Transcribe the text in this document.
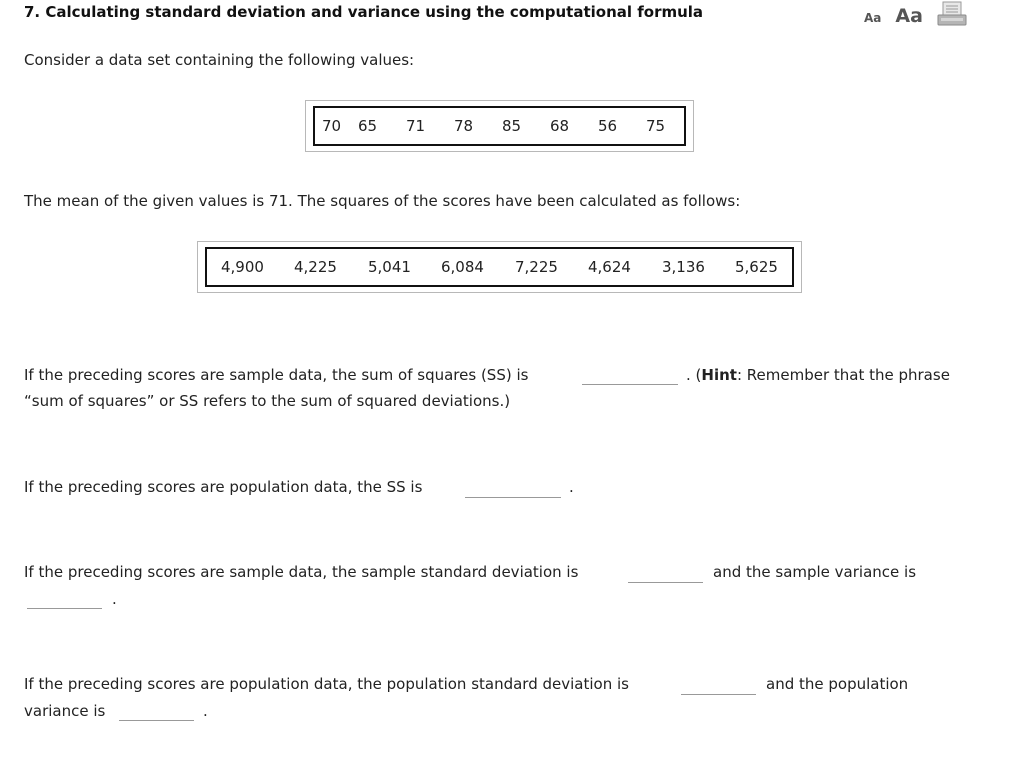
7. Calculating standard deviation and variance using the computational formula	Aa Aa
Consider a data set containing the following values:
70	65	71	78	85	68	56	75
The mean of the given values is 71. The squares of the scores have been calculated as follows:
4,900	4,225	5,041	6,084	7,225	4,624	3,136	5,625
If the preceding scores are sample data, the sum of squares (SS) is	. (Hint: Remember that the phrase
“sum of squares” or SS refers to the sum of squared deviations.)
If the preceding scores are population data, the SS is	.
If the preceding scores are sample data, the sample standard deviation is	and the sample variance is
.
If the preceding scores are population data, the population standard deviation is	and the population
variance is	.
